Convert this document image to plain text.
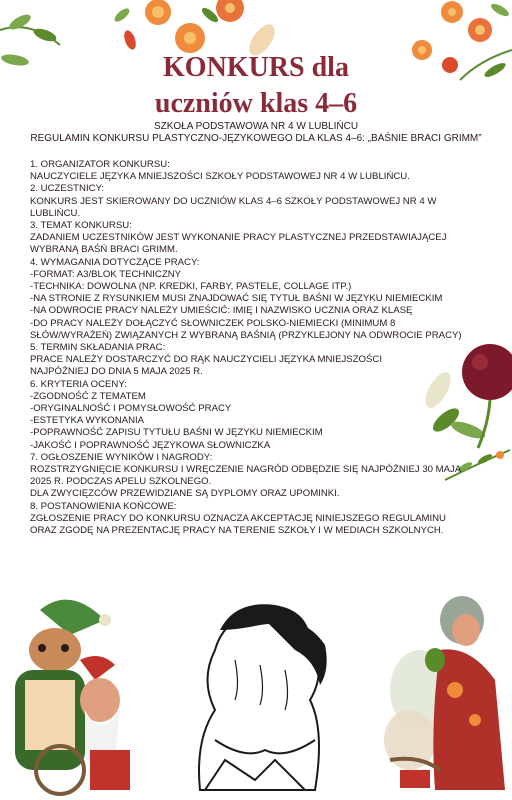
KONKURS dla
uczniów klas 4–6
SZKOŁA PODSTAWOWA NR 4 W LUBLIŃCU
REGULAMIN KONKURSU PLASTYCZNO-JĘZYKOWEGO DLA KLAS 4–6: „BAŚNIE BRACI GRIMM”
1. ORGANIZATOR KONKURSU:
NAUCZYCIELE JĘZYKA MNIEJSZOŚCI SZKOŁY PODSTAWOWEJ NR 4 W LUBLIŃCU.
2. UCZESTNICY:
KONKURS JEST SKIEROWANY DO UCZNIÓW KLAS 4–6 SZKOŁY PODSTAWOWEJ NR 4 W
LUBLIŃCU.
3. TEMAT KONKURSU:
ZADANIEM UCZESTNIKÓW JEST WYKONANIE PRACY PLASTYCZNEJ PRZEDSTAWIAJĄCEJ
WYBRANĄ BAŚŃ BRACI GRIMM.
4. WYMAGANIA DOTYCZĄCE PRACY:
-FORMAT: A3/BLOK TECHNICZNY
-TECHNIKA: DOWOLNA (NP. KREDKI, FARBY, PASTELE, COLLAGE ITP.)
-NA STRONIE Z RYSUNKIEM MUSI ZNAJDOWAĆ SIĘ TYTUŁ BAŚNI W JĘZYKU NIEMIECKIM
-NA ODWROCIE PRACY NALEŻY UMIEŚCIĆ: IMIĘ I NAZWISKO UCZNIA ORAZ KLASĘ
-DO PRACY NALEŻY DOŁĄCZYĆ SŁOWNICZEK POLSKO-NIEMIECKI (MINIMUM 8
SŁÓW/WYRAŻEŃ) ZWIĄZANYCH Z WYBRANĄ BAŚNIĄ (PRZYKLEJONY NA ODWROCIE PRACY)
5. TERMIN SKŁADANIA PRAC:
PRACE NALEŻY DOSTARCZYĆ DO RĄK NAUCZYCIELI JĘZYKA MNIEJSZOŚCI
NAJPÓŹNIEJ DO DNIA 5 MAJA 2025 R.
6. KRYTERIA OCENY:
-ZGODNOŚĆ Z TEMATEM
-ORYGINALNOŚĆ I POMYSŁOWOŚĆ PRACY
-ESTETYKA WYKONANIA
-POPRAWNOŚĆ ZAPISU TYTUŁU BAŚNI W JĘZYKU NIEMIECKIM
-JAKOŚĆ I POPRAWNOŚĆ JĘZYKOWA SŁOWNICZKA
7. OGŁOSZENIE WYNIKÓW I NAGRODY:
ROZSTRZYGNIĘCIE KONKURSU I WRĘCZENIE NAGRÓD ODBĘDZIE SIĘ NAJPÓŹNIEJ 30 MAJA
2025 R. PODCZAS APELU SZKOLNEGO.
DLA ZWYCIĘZCÓW PRZEWIDZIANE SĄ DYPLOMY ORAZ UPOMINKI.
8. POSTANOWIENIA KOŃCOWE:
ZGŁOSZENIE PRACY DO KONKURSU OZNACZA AKCEPTACJĘ NINIEJSZEGO REGULAMINU
ORAZ ZGODĘ NA PREZENTACJĘ PRACY NA TERENIE SZKOŁY I W MEDIACH SZKOLNYCH.
